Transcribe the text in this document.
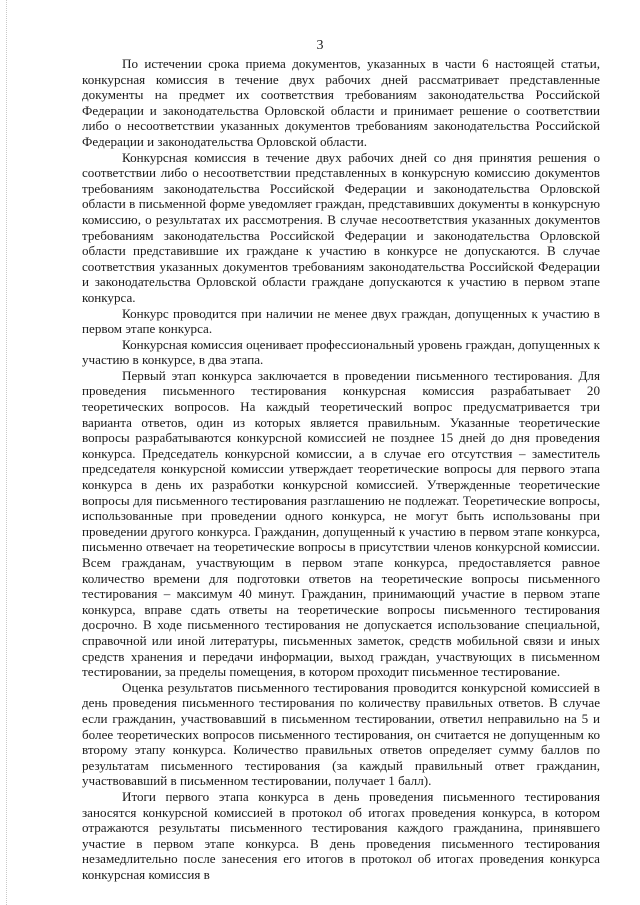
3

По истечении срока приема документов, указанных в части 6 настоящей статьи, конкурсная комиссия в течение двух рабочих дней рассматривает представленные документы на предмет их соответствия требованиям законодательства Российской Федерации и законодательства Орловской области и принимает решение о соответствии либо о несоответствии указанных документов требованиям законодательства Российской Федерации и законодательства Орловской области.

Конкурсная комиссия в течение двух рабочих дней со дня принятия решения о соответствии либо о несоответствии представленных в конкурсную комиссию документов требованиям законодательства Российской Федерации и законодательства Орловской области в письменной форме уведомляет граждан, представивших документы в конкурсную комиссию, о результатах их рассмотрения. В случае несоответствия указанных документов требованиям законодательства Российской Федерации и законодательства Орловской области представившие их граждане к участию в конкурсе не допускаются. В случае соответствия указанных документов требованиям законодательства Российской Федерации и законодательства Орловской области граждане допускаются к участию в первом этапе конкурса.

Конкурс проводится при наличии не менее двух граждан, допущенных к участию в первом этапе конкурса.

Конкурсная комиссия оценивает профессиональный уровень граждан, допущенных к участию в конкурсе, в два этапа.

Первый этап конкурса заключается в проведении письменного тестирования. Для проведения письменного тестирования конкурсная комиссия разрабатывает 20 теоретических вопросов. На каждый теоретический вопрос предусматривается три варианта ответов, один из которых является правильным. Указанные теоретические вопросы разрабатываются конкурсной комиссией не позднее 15 дней до дня проведения конкурса. Председатель конкурсной комиссии, а в случае его отсутствия – заместитель председателя конкурсной комиссии утверждает теоретические вопросы для первого этапа конкурса в день их разработки конкурсной комиссией. Утвержденные теоретические вопросы для письменного тестирования разглашению не подлежат. Теоретические вопросы, использованные при проведении одного конкурса, не могут быть использованы при проведении другого конкурса. Гражданин, допущенный к участию в первом этапе конкурса, письменно отвечает на теоретические вопросы в присутствии членов конкурсной комиссии. Всем гражданам, участвующим в первом этапе конкурса, предоставляется равное количество времени для подготовки ответов на теоретические вопросы письменного тестирования – максимум 40 минут. Гражданин, принимающий участие в первом этапе конкурса, вправе сдать ответы на теоретические вопросы письменного тестирования досрочно. В ходе письменного тестирования не допускается использование специальной, справочной или иной литературы, письменных заметок, средств мобильной связи и иных средств хранения и передачи информации, выход граждан, участвующих в письменном тестировании, за пределы помещения, в котором проходит письменное тестирование.

Оценка результатов письменного тестирования проводится конкурсной комиссией в день проведения письменного тестирования по количеству правильных ответов. В случае если гражданин, участвовавший в письменном тестировании, ответил неправильно на 5 и более теоретических вопросов письменного тестирования, он считается не допущенным ко второму этапу конкурса. Количество правильных ответов определяет сумму баллов по результатам письменного тестирования (за каждый правильный ответ гражданин, участвовавший в письменном тестировании, получает 1 балл).

Итоги первого этапа конкурса в день проведения письменного тестирования заносятся конкурсной комиссией в протокол об итогах проведения конкурса, в котором отражаются результаты письменного тестирования каждого гражданина, принявшего участие в первом этапе конкурса. В день проведения письменного тестирования незамедлительно после занесения его итогов в протокол об итогах проведения конкурса конкурсная комиссия в
